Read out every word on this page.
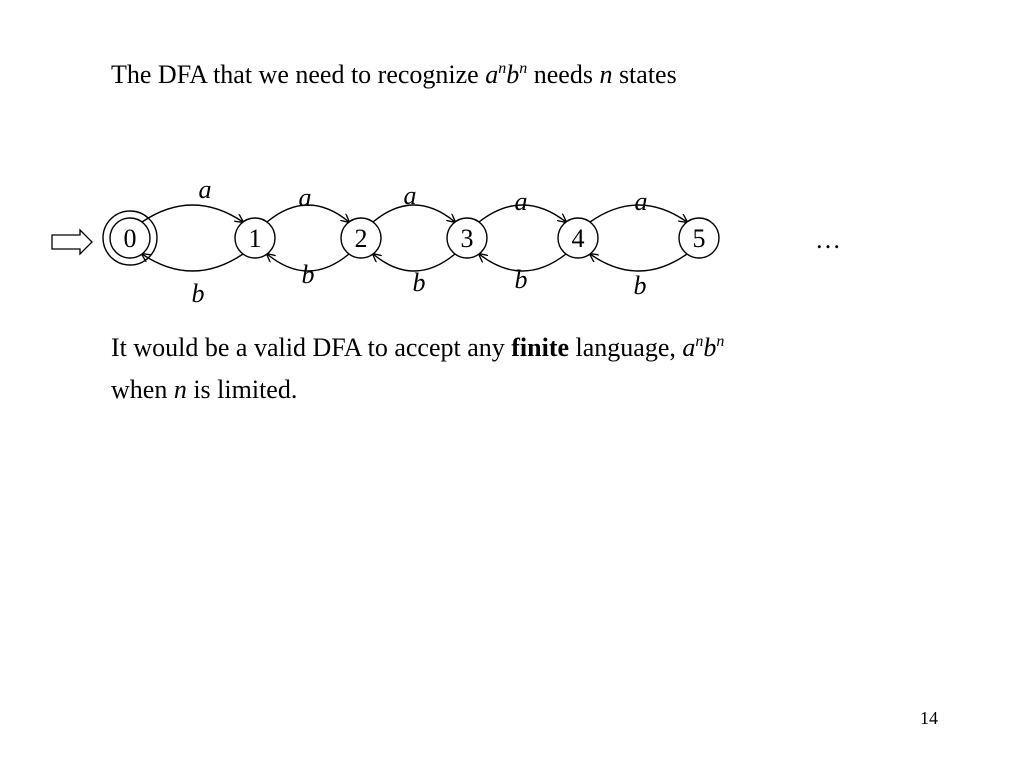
The DFA that we need to recognize $a^nb^n$ needs n states
0	1	2	3	4	5
a
b
a
b
a
b
a
b
a
b
…
It would be a valid DFA to accept any finite language, $a^nb^n$
when n is limited.
14
